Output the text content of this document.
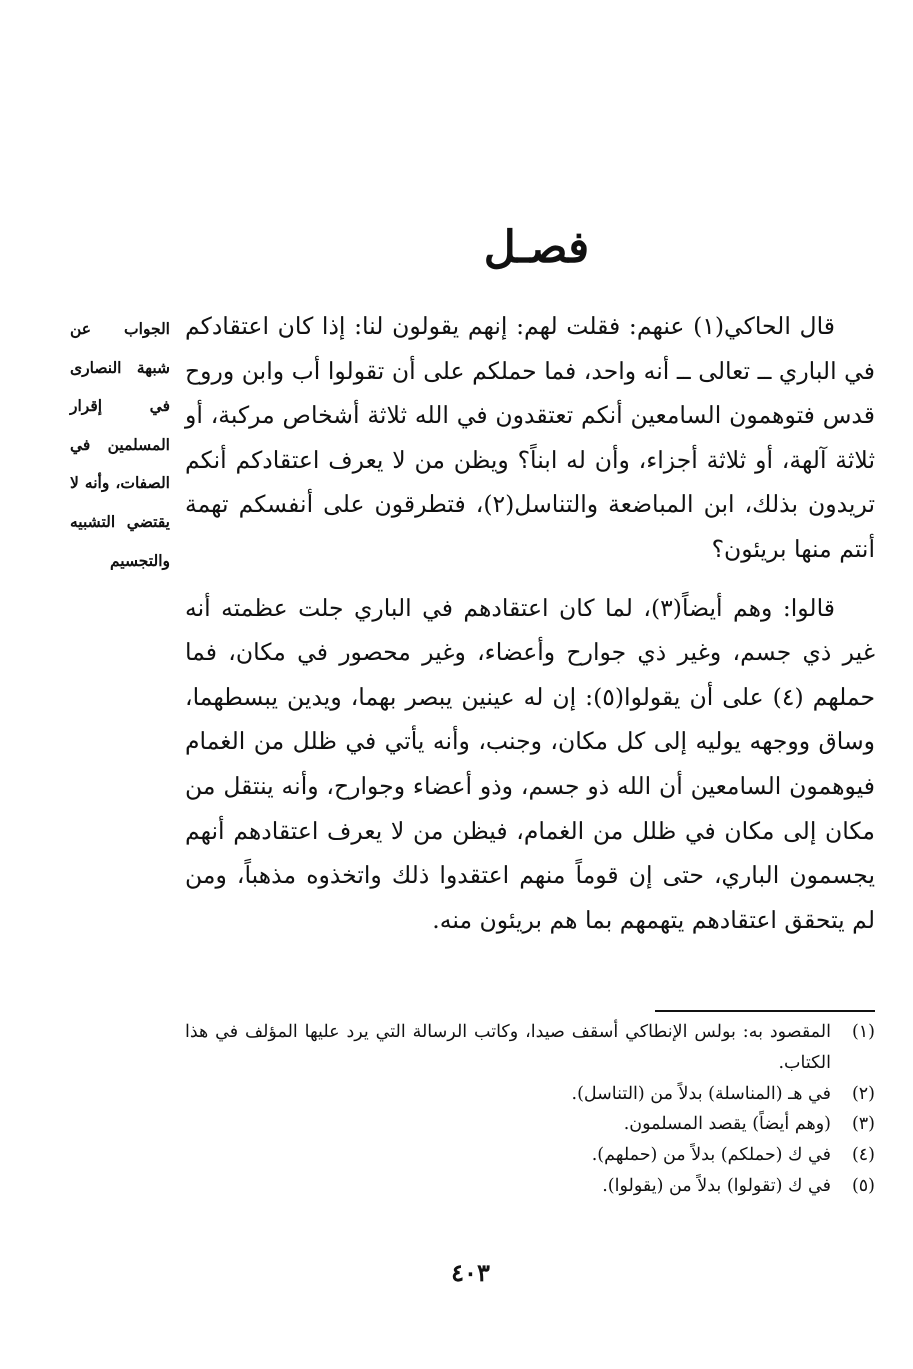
فصـل
الجواب عن شبهة النصارى في إقرار المسلمين في الصفات، وأنه لا يقتضي التشبيه والتجسيم

قال الحاكي(١) عنهم: فقلت لهم: إنهم يقولون لنا: إذا كان اعتقادكم في الباري ــ تعالى ــ أنه واحد، فما حملكم على أن تقولوا أب وابن وروح قدس فتوهمون السامعين أنكم تعتقدون في الله ثلاثة أشخاص مركبة، أو ثلاثة آلهة، أو ثلاثة أجزاء، وأن له ابناً؟ ويظن من لا يعرف اعتقادكم أنكم تريدون بذلك، ابن المباضعة والتناسل(٢)، فتطرقون على أنفسكم تهمة أنتم منها بريئون؟

قالوا: وهم أيضاً(٣)، لما كان اعتقادهم في الباري جلت عظمته أنه غير ذي جسم، وغير ذي جوارح وأعضاء، وغير محصور في مكان، فما حملهم (٤) على أن يقولوا(٥): إن له عينين يبصر بهما، ويدين يبسطهما، وساق ووجهه يوليه إلى كل مكان، وجنب، وأنه يأتي في ظلل من الغمام فيوهمون السامعين أن الله ذو جسم، وذو أعضاء وجوارح، وأنه ينتقل من مكان إلى مكان في ظلل من الغمام، فيظن من لا يعرف اعتقادهم أنهم يجسمون الباري، حتى إن قوماً منهم اعتقدوا ذلك واتخذوه مذهباً، ومن لم يتحقق اعتقادهم يتهمهم بما هم بريئون منه.

(١)
المقصود به: بولس الإنطاكي أسقف صيدا، وكاتب الرسالة التي يرد عليها المؤلف في هذا الكتاب.
(٢)
في هـ (المناسلة) بدلاً من (التناسل).
(٣)
(وهم أيضاً) يقصد المسلمون.
(٤)
في ك (حملكم) بدلاً من (حملهم).
(٥)
في ك (تقولوا) بدلاً من (يقولوا).
٤٠٣
